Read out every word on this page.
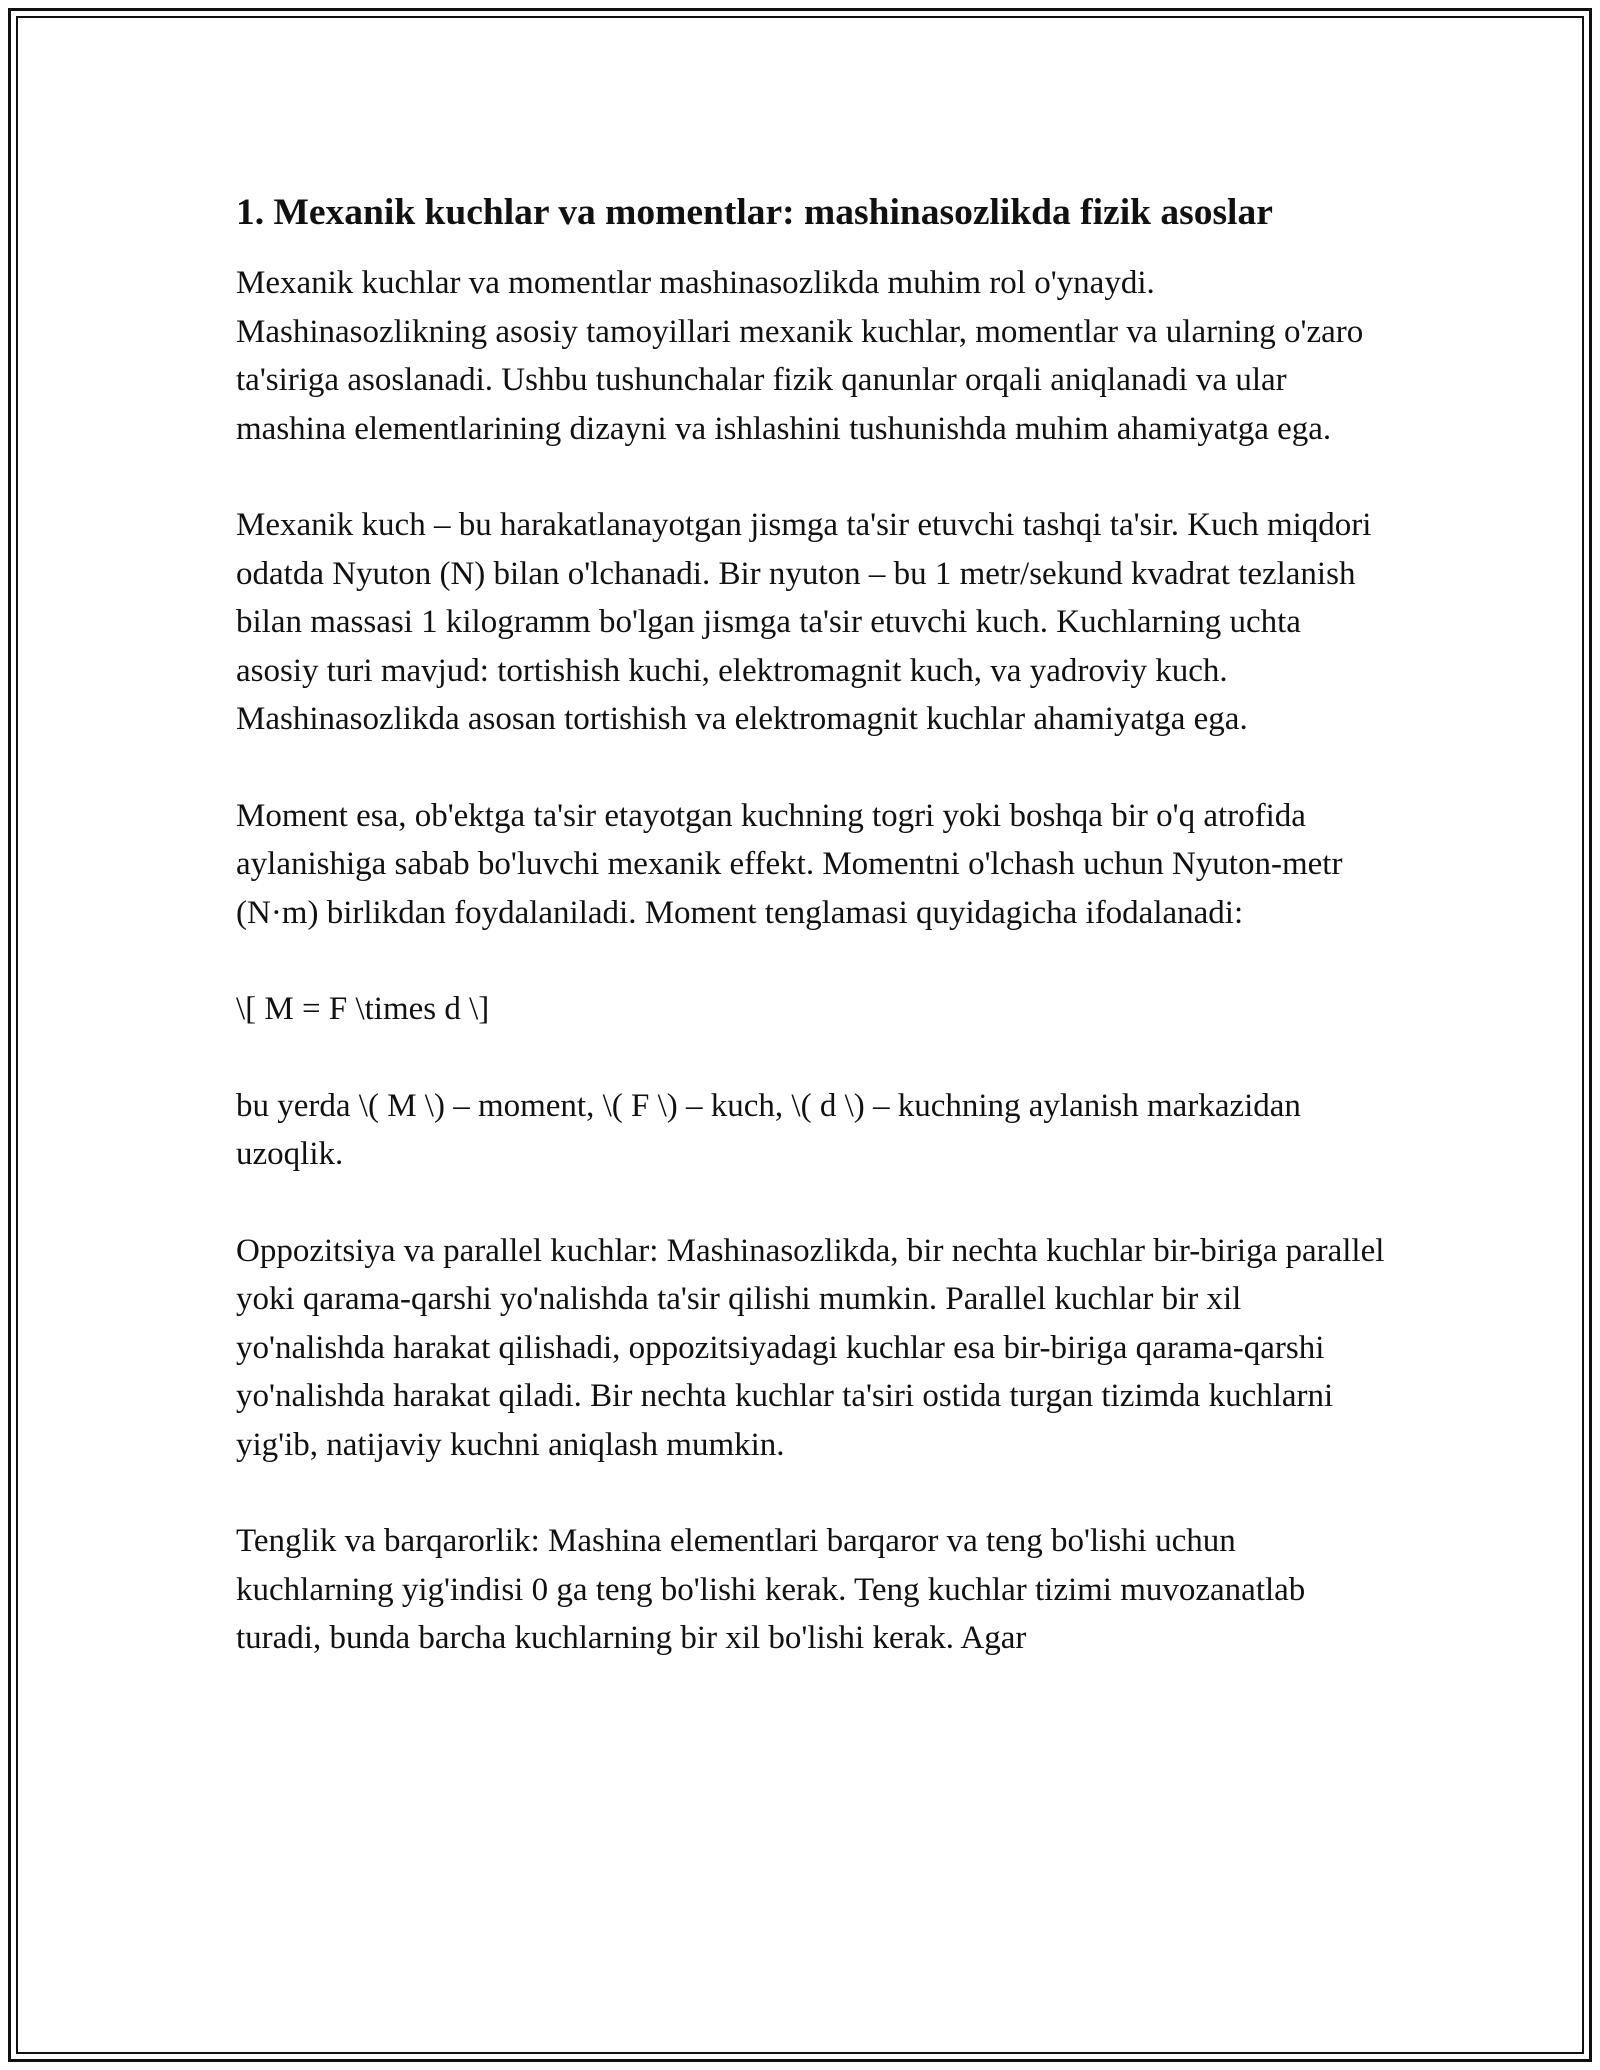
1. Mexanik kuchlar va momentlar: mashinasozlikda fizik asoslar

Mexanik kuchlar va momentlar mashinasozlikda muhim rol o'ynaydi. Mashinasozlikning asosiy tamoyillari mexanik kuchlar, momentlar va ularning o'zaro ta'siriga asoslanadi. Ushbu tushunchalar fizik qanunlar orqali aniqlanadi va ular mashina elementlarining dizayni va ishlashini tushunishda muhim ahamiyatga ega.

Mexanik kuch – bu harakatlanayotgan jismga ta'sir etuvchi tashqi ta'sir. Kuch miqdori odatda Nyuton (N) bilan o'lchanadi. Bir nyuton – bu 1 metr/sekund kvadrat tezlanish bilan massasi 1 kilogramm bo'lgan jismga ta'sir etuvchi kuch. Kuchlarning uchta asosiy turi mavjud: tortishish kuchi, elektromagnit kuch, va yadroviy kuch. Mashinasozlikda asosan tortishish va elektromagnit kuchlar ahamiyatga ega.

Moment esa, ob'ektga ta'sir etayotgan kuchning togri yoki boshqa bir o'q atrofida aylanishiga sabab bo'luvchi mexanik effekt. Momentni o'lchash uchun Nyuton-metr (N·m) birlikdan foydalaniladi. Moment tenglamasi quyidagicha ifodalanadi:

\[ M = F \times d \]

bu yerda \( M \) – moment, \( F \) – kuch, \( d \) – kuchning aylanish markazidan uzoqlik.

Oppozitsiya va parallel kuchlar: Mashinasozlikda, bir nechta kuchlar bir-biriga parallel yoki qarama-qarshi yo'nalishda ta'sir qilishi mumkin. Parallel kuchlar bir xil yo'nalishda harakat qilishadi, oppozitsiyadagi kuchlar esa bir-biriga qarama-qarshi yo'nalishda harakat qiladi. Bir nechta kuchlar ta'siri ostida turgan tizimda kuchlarni yig'ib, natijaviy kuchni aniqlash mumkin.

Tenglik va barqarorlik: Mashina elementlari barqaror va teng bo'lishi uchun kuchlarning yig'indisi 0 ga teng bo'lishi kerak. Teng kuchlar tizimi muvozanatlab turadi, bunda barcha kuchlarning bir xil bo'lishi kerak. Agar
